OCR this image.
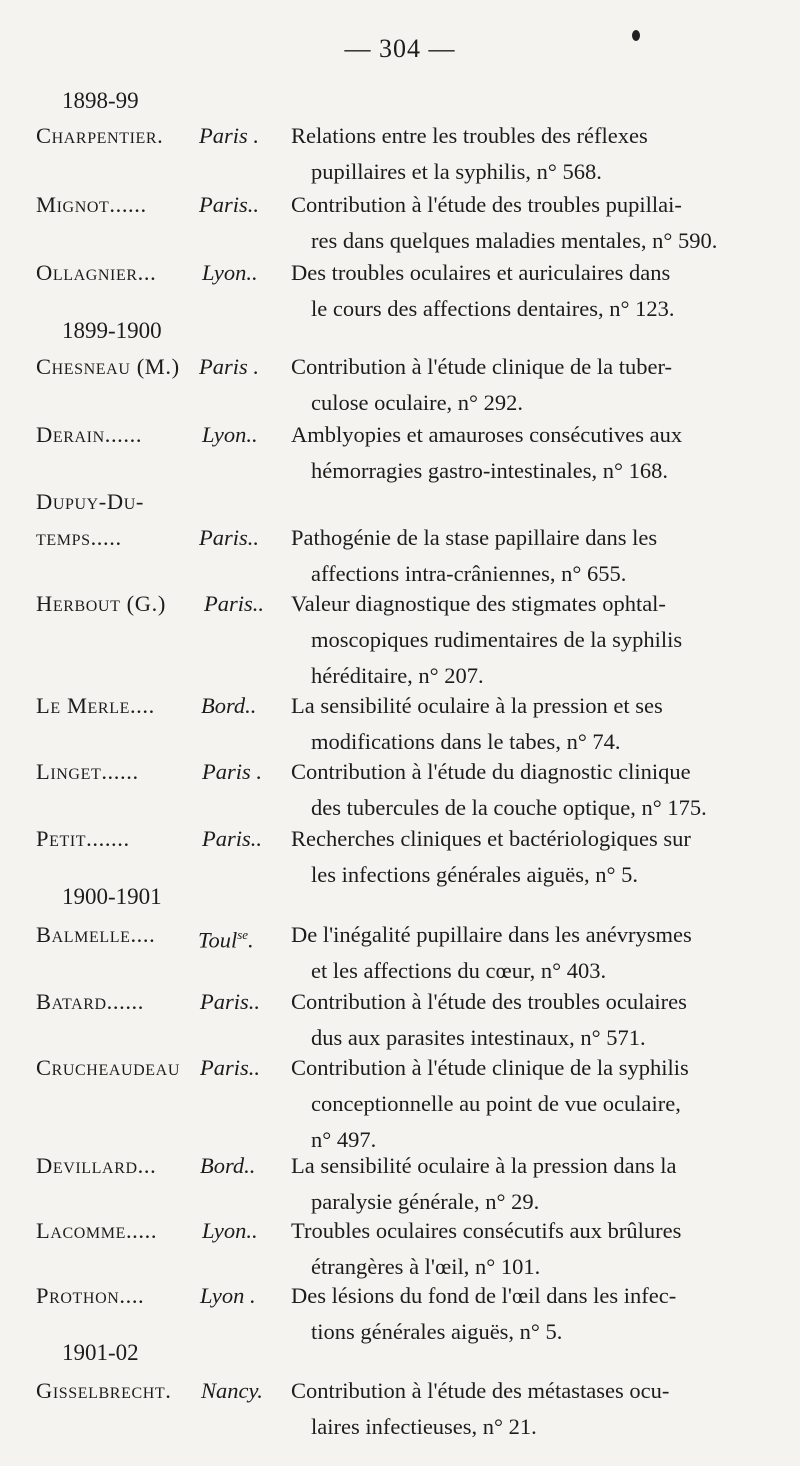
— 304 —
1898-99
Charpentier. Paris . Relations entre les troubles des réflexes
pupillaires et la syphilis, n° 568.
Mignot...... Paris.. Contribution à l'étude des troubles pupillai-
res dans quelques maladies mentales, n° 590.
Ollagnier... Lyon.. Des troubles oculaires et auriculaires dans
le cours des affections dentaires, n° 123.
1899-1900
Chesneau (M.) Paris . Contribution à l'étude clinique de la tuber-
culose oculaire, n° 292.
Derain......	Lyon.. Amblyopies et amauroses consécutives aux
hémorragies gastro-intestinales, n° 168.
Dupuy-Du-
temps.....	Paris.. Pathogénie de la stase papillaire dans les
affections intra-crâniennes, n° 655.
Herbout (G.) Paris.. Valeur diagnostique des stigmates ophtal-
moscopiques rudimentaires de la syphilis
héréditaire, n° 207.
Le Merle.... Bord.. La sensibilité oculaire à la pression et ses
modifications dans le tabes, n° 74.
Linget......	Paris . Contribution à l'étude du diagnostic clinique
des tubercules de la couche optique, n° 175.
Petit.......	Paris.. Recherches cliniques et bactériologiques sur
les infections générales aiguës, n° 5.
1900-1901
Balmelle.... Toul$^{se}$. De l'inégalité pupillaire dans les anévrysmes
et les affections du cœur, n° 403.
Batard...... Paris.. Contribution à l'étude des troubles oculaires
dus aux parasites intestinaux, n° 571.
Crucheaudeau Paris.. Contribution à l'étude clinique de la syphilis
conceptionnelle au point de vue oculaire,
n° 497.
Devillard... Bord.. La sensibilité oculaire à la pression dans la
paralysie générale, n° 29.
Lacomme..... Lyon.. Troubles oculaires consécutifs aux brûlures
étrangères à l'œil, n° 101.
Prothon.... Lyon . Des lésions du fond de l'œil dans les infec-
tions générales aiguës, n° 5.
1901-02
Gisselbrecht. Nancy. Contribution à l'étude des métastases ocu-
laires infectieuses, n° 21.
